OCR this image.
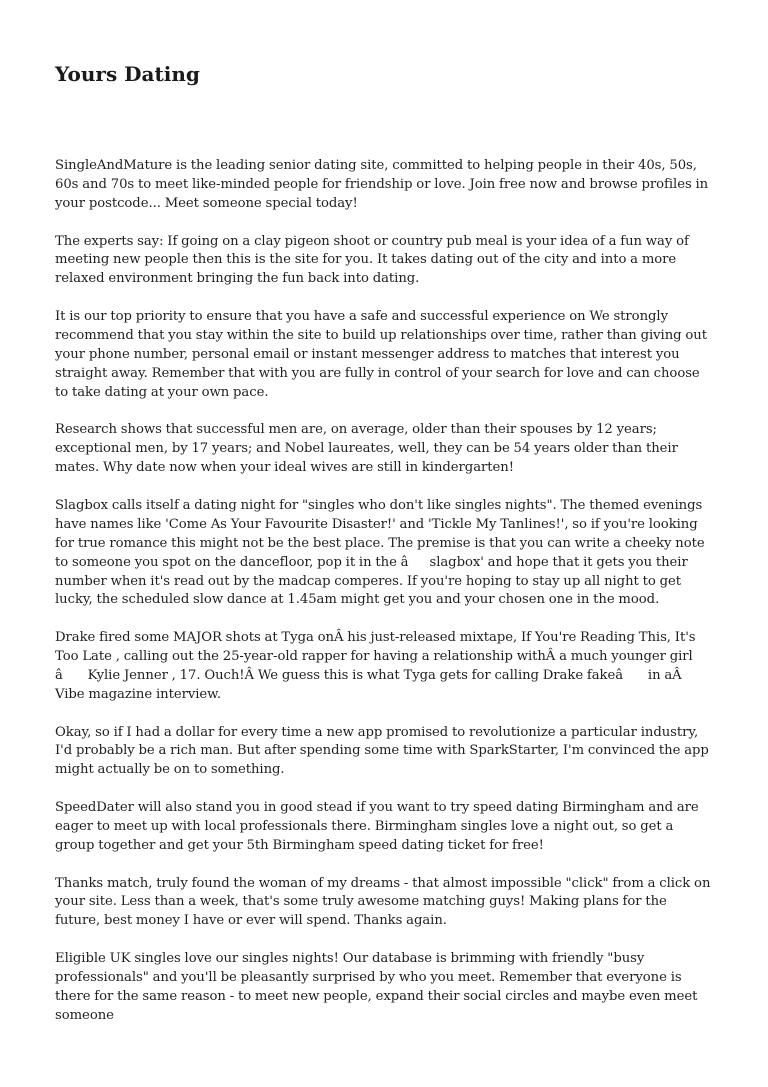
Yours Dating

SingleAndMature is the leading senior dating site, committed to helping people in their 40s, 50s, 60s and 70s to meet like-minded people for friendship or love. Join free now and browse profiles in your postcode... Meet someone special today!

The experts say: If going on a clay pigeon shoot or country pub meal is your idea of a fun way of meeting new people then this is the site for you. It takes dating out of the city and into a more relaxed environment bringing the fun back into dating.

It is our top priority to ensure that you have a safe and successful experience on We strongly recommend that you stay within the site to build up relationships over time, rather than giving out your phone number, personal email or instant messenger address to matches that interest you straight away. Remember that with you are fully in control of your search for love and can choose to take dating at your own pace.

Research shows that successful men are, on average, older than their spouses by 12 years; exceptional men, by 17 years; and Nobel laureates, well, they can be 54 years older than their mates. Why date now when your ideal wives are still in kindergarten!

Slagbox calls itself a dating night for "singles who don't like singles nights". The themed evenings have names like 'Come As Your Favourite Disaster!' and 'Tickle My Tanlines!', so if you're looking for true romance this might not be the best place. The premise is that you can write a cheeky note to someone you spot on the dancefloor, pop it in the âslagbox' and hope that it gets you their number when it's read out by the madcap comperes. If you're hoping to stay up all night to get lucky, the scheduled slow dance at 1.45am might get you and your chosen one in the mood.

Drake fired some MAJOR shots at Tyga onÂ his just-released mixtape, If You're Reading This, It's Too Late , calling out the 25-year-old rapper for having a relationship withÂ a much younger girl â Kylie Jenner , 17. Ouch!Â We guess this is what Tyga gets for calling Drake fakeâ in aÂ Vibe magazine interview.

Okay, so if I had a dollar for every time a new app promised to revolutionize a particular industry, I'd probably be a rich man. But after spending some time with SparkStarter, I'm convinced the app might actually be on to something.

SpeedDater will also stand you in good stead if you want to try speed dating Birmingham and are eager to meet up with local professionals there. Birmingham singles love a night out, so get a group together and get your 5th Birmingham speed dating ticket for free!

Thanks match, truly found the woman of my dreams - that almost impossible "click" from a click on your site. Less than a week, that's some truly awesome matching guys! Making plans for the future, best money I have or ever will spend. Thanks again.

Eligible UK singles love our singles nights! Our database is brimming with friendly "busy professionals" and you'll be pleasantly surprised by who you meet. Remember that everyone is there for the same reason - to meet new people, expand their social circles and maybe even meet someone
